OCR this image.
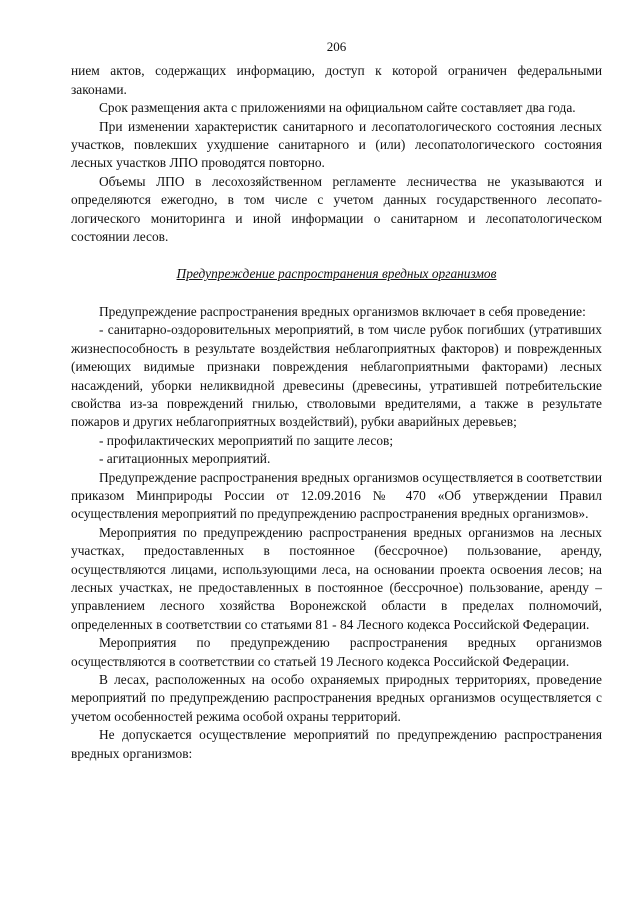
206

нием актов, содержащих информацию, доступ к которой ограничен федеральными законами.

Срок размещения акта с приложениями на официальном сайте составляет два года.

При изменении характеристик санитарного и лесопатологического состояния лесных участков, повлекших ухудшение санитарного и (или) лесопатологического состояния лесных участков ЛПО проводятся повторно.

Объемы ЛПО в лесохозяйственном регламенте лесничества не указываются и определяются ежегодно, в том числе с учетом данных государственного лесопатологического мониторинга и иной информации о санитарном и лесопатологическом состоянии лесов.

Предупреждение распространения вредных организмов

Предупреждение распространения вредных организмов включает в себя проведение:

- санитарно-оздоровительных мероприятий, в том числе рубок погибших (утративших жизнеспособность в результате воздействия неблагоприятных факторов) и поврежденных (имеющих видимые признаки повреждения неблагоприятными факторами) лесных насаждений, уборки неликвидной древесины (древесины, утратившей потребительские свойства из-за повреждений гнилью, стволовыми вредителями, а также в результате пожаров и других неблагоприятных воздействий), рубки аварийных деревьев;

- профилактических мероприятий по защите лесов;

- агитационных мероприятий.

Предупреждение распространения вредных организмов осуществляется в соответствии приказом Минприроды России от 12.09.2016 № 470 «Об утверждении Правил осуществления мероприятий по предупреждению распространения вредных организмов».

Мероприятия по предупреждению распространения вредных организмов на лесных участках, предоставленных в постоянное (бессрочное) пользование, аренду, осуществляются лицами, использующими леса, на основании проекта освоения лесов; на лесных участках, не предоставленных в постоянное (бессрочное) пользование, аренду – управлением лесного хозяйства Воронежской области в пределах полномочий, определенных в соответствии со статьями 81 - 84 Лесного кодекса Российской Федерации.

Мероприятия по предупреждению распространения вредных организмов осуществляются в соответствии со статьей 19 Лесного кодекса Российской Федерации.

В лесах, расположенных на особо охраняемых природных территориях, проведение мероприятий по предупреждению распространения вредных организмов осуществляется с учетом особенностей режима особой охраны территорий.

Не допускается осуществление мероприятий по предупреждению распространения вредных организмов:
